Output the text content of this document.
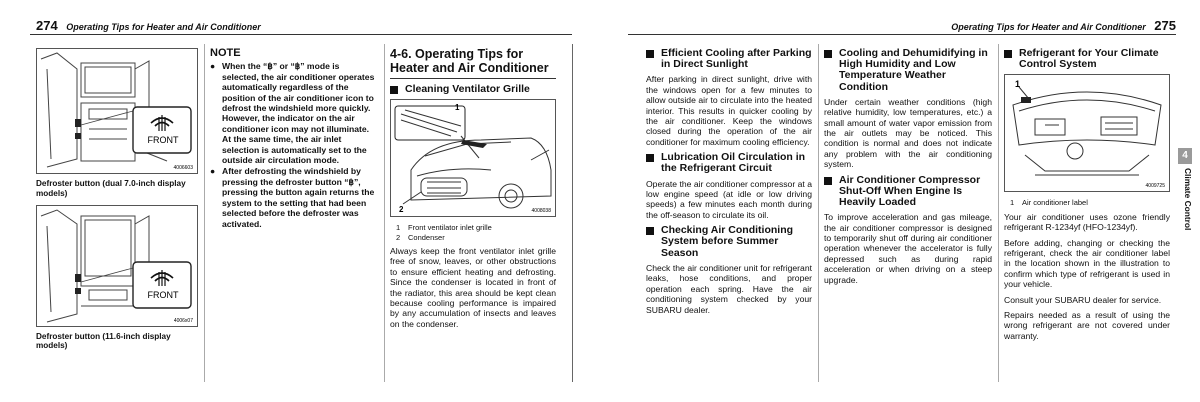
274 Operating Tips for Heater and Air Conditioner	Operating Tips for Heater and Air Conditioner 275
FRONT
4006603
Defroster button (dual 7.0-inch display models)
FRONT
4006x07
Defroster button (11.6-inch display models)
NOTE
● When the “฿” or “฿” mode is selected, the air conditioner operates automatically regardless of the position of the air conditioner icon to defrost the windshield more quickly. However, the indicator on the air conditioner icon may not illuminate. At the same time, the air inlet selection is automatically set to the outside air circulation mode.
● After defrosting the windshield by pressing the defroster button “฿”, pressing the button again returns the system to the setting that had been selected before the defroster was activated.
4-6. Operating Tips for Heater and Air Conditioner
Cleaning Ventilator Grille
2
1
4008038
1 Front ventilator inlet grille
2 Condenser
Always keep the front ventilator inlet grille free of snow, leaves, or other obstructions to ensure efficient heating and defrosting. Since the condenser is located in front of the radiator, this area should be kept clean because cooling performance is impaired by any accumulation of insects and leaves on the condenser.
Efficient Cooling after Parking in Direct Sunlight
After parking in direct sunlight, drive with the windows open for a few minutes to allow outside air to circulate into the heated interior. This results in quicker cooling by the air conditioner. Keep the windows closed during the operation of the air conditioner for maximum cooling efficiency.
Lubrication Oil Circulation in the Refrigerant Circuit
Operate the air conditioner compressor at a low engine speed (at idle or low driving speeds) a few minutes each month during the off-season to circulate its oil.
Checking Air Conditioning System before Summer Season
Check the air conditioner unit for refrigerant leaks, hose conditions, and proper operation each spring. Have the air conditioning system checked by your SUBARU dealer.
Cooling and Dehumidifying in High Humidity and Low Temperature Weather Condition
Under certain weather conditions (high relative humidity, low temperatures, etc.) a small amount of water vapor emission from the air outlets may be noticed. This condition is normal and does not indicate any problem with the air conditioning system.
Air Conditioner Compressor Shut-Off When Engine Is Heavily Loaded
To improve acceleration and gas mileage, the air conditioner compressor is designed to temporarily shut off during air conditioner operation whenever the accelerator is fully depressed such as during rapid acceleration or when driving on a steep upgrade.
Refrigerant for Your Climate Control System
1
4009725
1 Air conditioner label
Your air conditioner uses ozone friendly refrigerant R-1234yf (HFO-1234yf).
Before adding, changing or checking the refrigerant, check the air conditioner label in the location shown in the illustration to confirm which type of refrigerant is used in your vehicle.
Consult your SUBARU dealer for service.
Repairs needed as a result of using the wrong refrigerant are not covered under warranty.
4
Climate Control
